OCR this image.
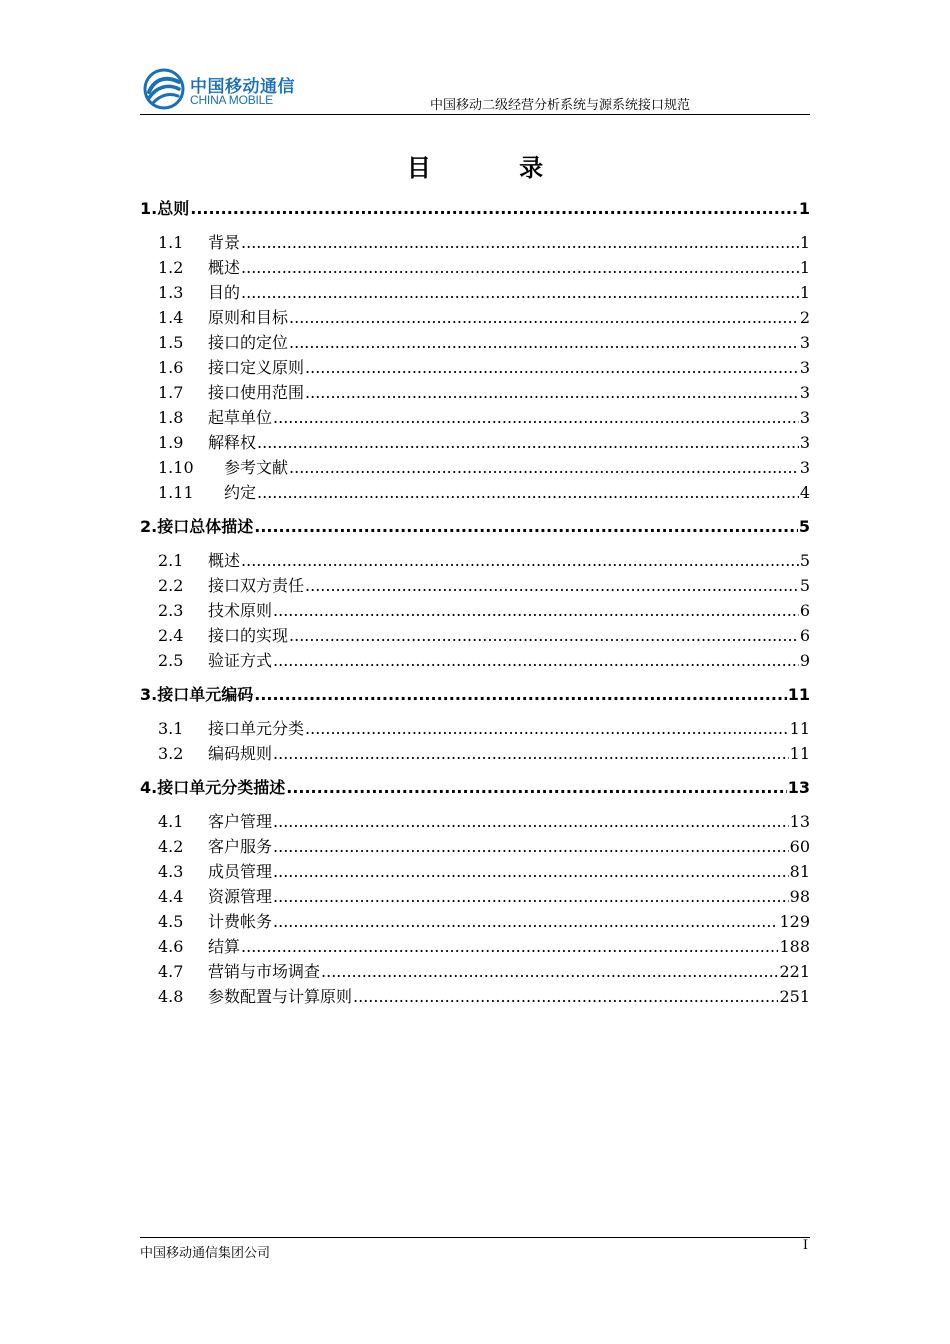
中国移动通信
CHINA MOBILE	中国移动二级经营分析系统与源系统接口规范
目 录
1. 总则 .....	1
1.1	背景 .....	1
1.2	概述 .....	1
1.3	目的 .....	1
1.4	原则和目标 .....	2
1.5	接口的定位 .....	3
1.6	接口定义原则 .....	3
1.7	接口使用范围 .....	3
1.8	起草单位 .....	3
1.9	解释权 .....	3
1.10	参考文献 .....	3
1.11	约定 .....	4
2. 接口总体描述 .....	5
2.1	概述 .....	5
2.2	接口双方责任 .....	5
2.3	技术原则 .....	6
2.4	接口的实现 .....	6
2.5	验证方式 .....	9
3. 接口单元编码 .....	11
3.1	接口单元分类 .....	11
3.2	编码规则 .....	11
4. 接口单元分类描述 .....	13
4.1	客户管理 .....	13
4.2	客户服务 .....	60
4.3	成员管理 .....	81
4.4	资源管理 .....	98
4.5	计费帐务 .....	129
4.6	结算 .....	188
4.7	营销与市场调查 .....	221
4.8	参数配置与计算原则 .....	251
中国移动通信集团公司
I
